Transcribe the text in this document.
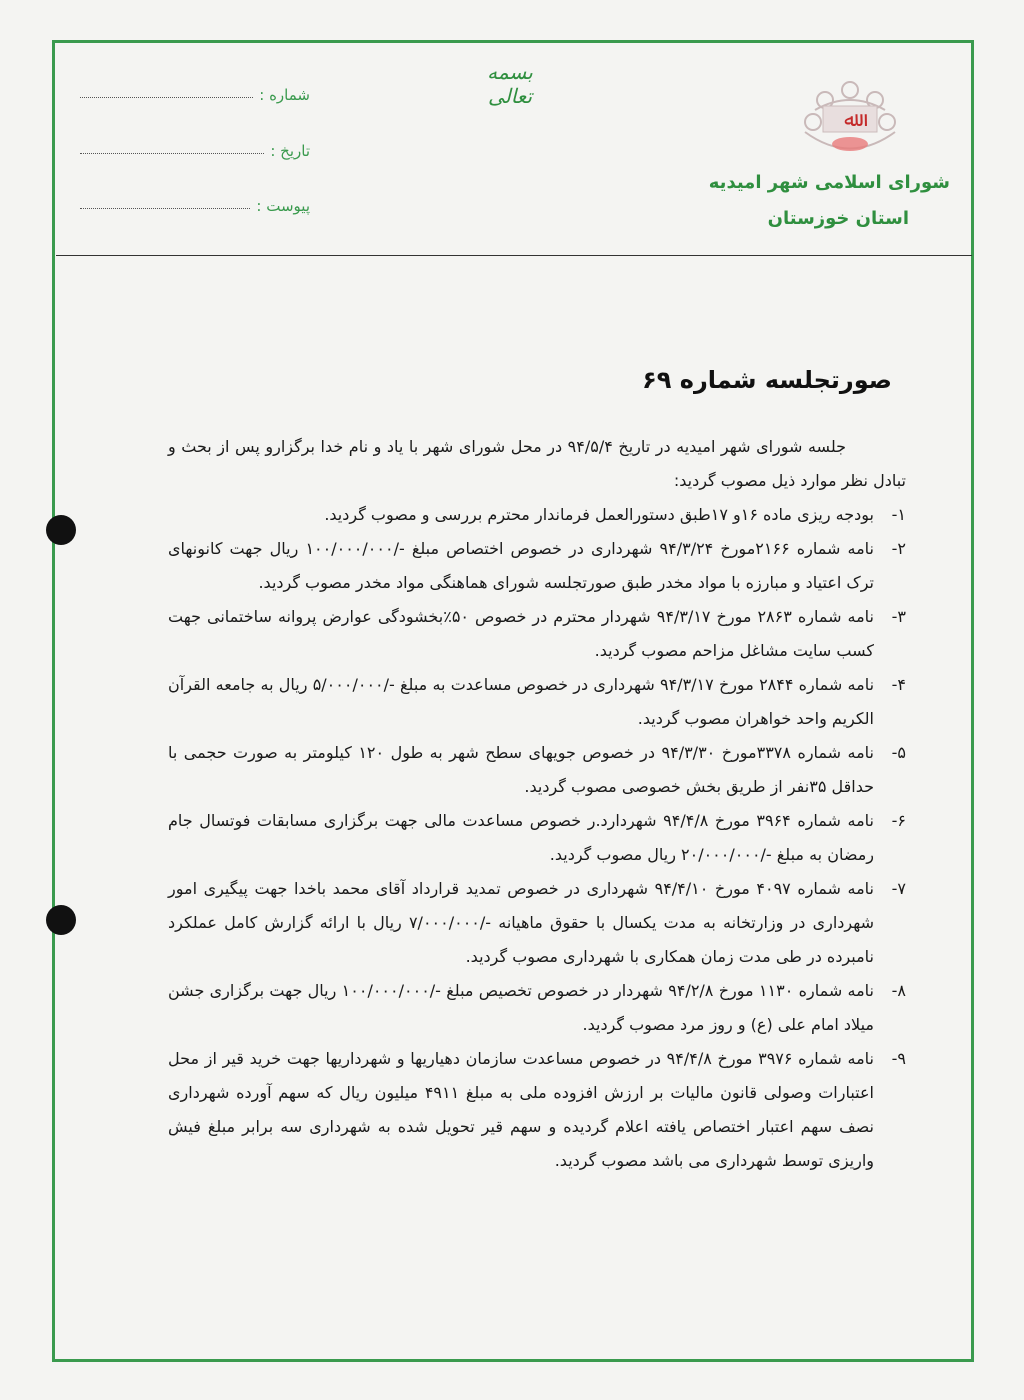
بسمه تعالی
ﷲ
شورای اسلامی شهر امیدیه
استان خوزستان
شماره :
تاریخ :
پیوست :
صورتجلسه شماره ۶۹

جلسه شورای شهر امیدیه در تاریخ ۹۴/۵/۴ در محل شورای شهر با یاد و نام خدا برگزارو پس از بحث و تبادل نظر موارد ذیل مصوب گردید:

۱-
بودجه ریزی ماده ۱۶و ۱۷طبق دستورالعمل فرماندار محترم بررسی و مصوب گردید.
۲-
نامه شماره ۲۱۶۶مورخ ۹۴/۳/۲۴ شهرداری در خصوص اختصاص مبلغ -/۱۰۰/۰۰۰/۰۰۰ ریال جهت کانونهای ترک اعتیاد و مبارزه با مواد مخدر طبق صورتجلسه شورای هماهنگی مواد مخدر مصوب گردید.
۳-
نامه شماره ۲۸۶۳ مورخ ۹۴/۳/۱۷ شهردار محترم در خصوص ۵۰٪بخشودگی عوارض پروانه ساختمانی جهت کسب سایت مشاغل مزاحم مصوب گردید.
۴-
نامه شماره ۲۸۴۴ مورخ ۹۴/۳/۱۷ شهرداری در خصوص مساعدت به مبلغ -/۵/۰۰۰/۰۰۰ ریال به جامعه القرآن الکریم واحد خواهران مصوب گردید.
۵-
نامه شماره ۳۳۷۸مورخ ۹۴/۳/۳۰ در خصوص جویهای سطح شهر به طول ۱۲۰ کیلومتر به صورت حجمی با حداقل ۳۵نفر از طریق بخش خصوصی مصوب گردید.
۶-
نامه شماره ۳۹۶۴ مورخ ۹۴/۴/۸ شهردارد.ر خصوص مساعدت مالی جهت برگزاری مسابقات فوتسال جام رمضان به مبلغ -/۲۰/۰۰۰/۰۰۰ ریال مصوب گردید.
۷-
نامه شماره ۴۰۹۷ مورخ ۹۴/۴/۱۰ شهرداری در خصوص تمدید قرارداد آقای محمد باخدا جهت پیگیری امور شهرداری در وزارتخانه به مدت یکسال با حقوق ماهیانه -/۷/۰۰۰/۰۰۰ ریال با ارائه گزارش کامل عملکرد نامبرده در طی مدت زمان همکاری با شهرداری مصوب گردید.
۸-
نامه شماره ۱۱۳۰ مورخ ۹۴/۲/۸ شهردار در خصوص تخصیص مبلغ -/۱۰۰/۰۰۰/۰۰۰ ریال جهت برگزاری جشن میلاد امام علی (ع) و روز مرد مصوب گردید.
۹-
نامه شماره ۳۹۷۶ مورخ ۹۴/۴/۸ در خصوص مساعدت سازمان دهیاریها و شهرداریها جهت خرید قیر از محل اعتبارات وصولی قانون مالیات بر ارزش افزوده ملی به مبلغ ۴۹۱۱ میلیون ریال که سهم آورده شهرداری نصف سهم اعتبار اختصاص یافته اعلام گردیده و سهم قیر تحویل شده به شهرداری سه برابر مبلغ فیش واریزی توسط شهرداری می باشد مصوب گردید.
